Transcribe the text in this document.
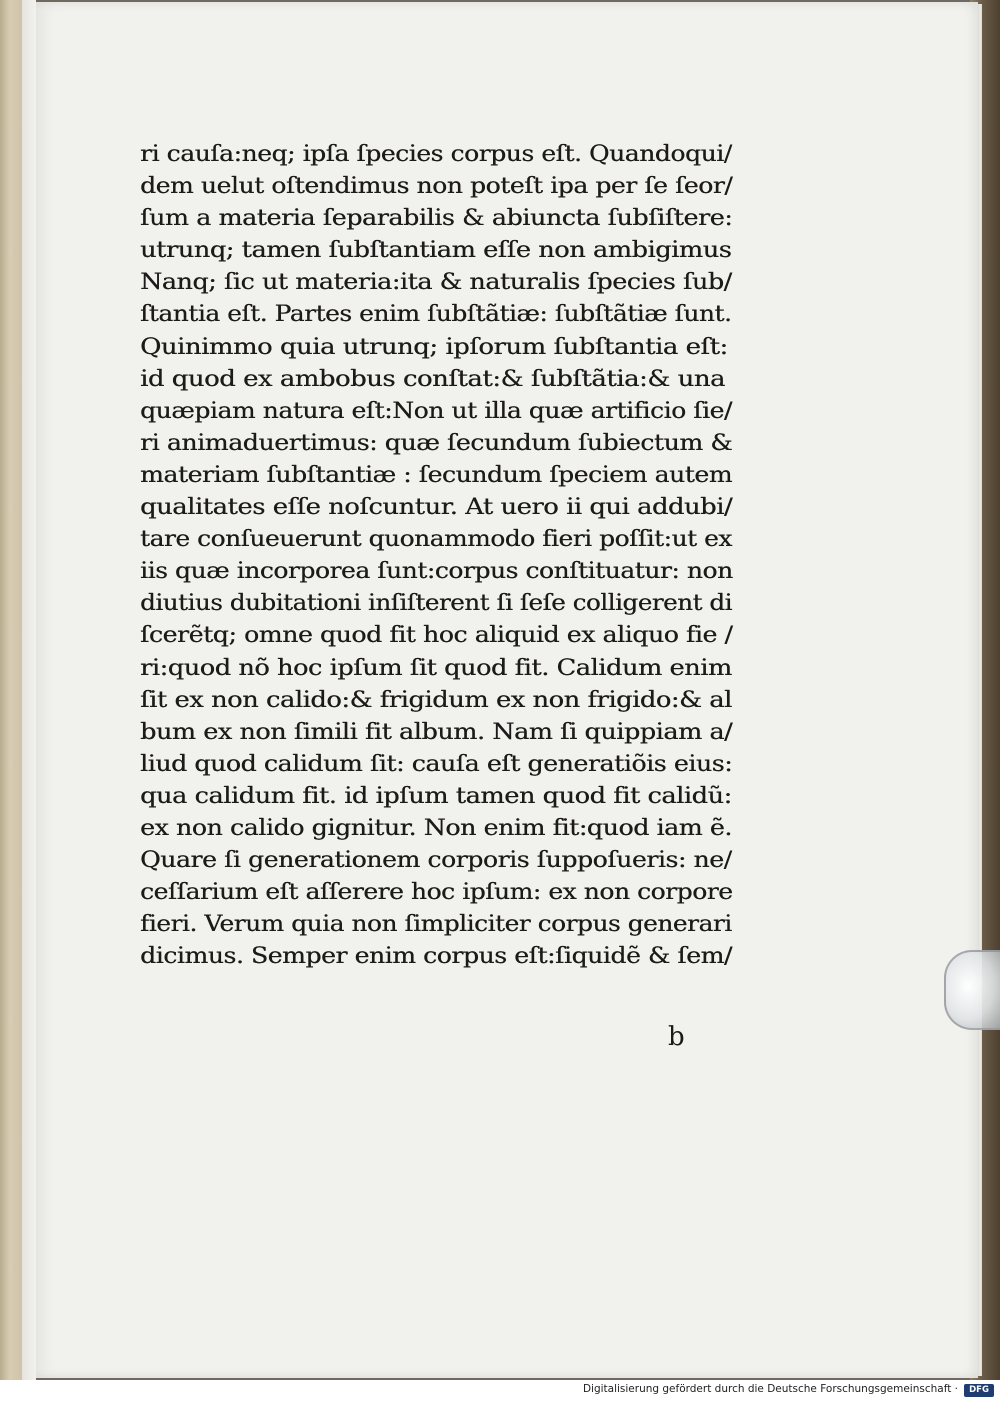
ri cauſa:neq; ipſa ſpecies corpus eſt. Quandoqui/
dem uelut oſtendimus non poteſt ipa per ſe ſeor/
ſum a materia ſeparabilis & abiuncta ſubſiſtere:
utrunq; tamen ſubſtantiam eſſe non ambigimus
Nanq; ſic ut materia:ita & naturalis ſpecies ſub/
ſtantia eſt. Partes enim ſubſtãtiæ: ſubſtãtiæ ſunt.
Quinimmo quia utrunq; ipſorum ſubſtantia eſt:
id quod ex ambobus conſtat:& ſubſtãtia:& una
quæpiam natura eſt:Non ut illa quæ artificio ſie/
ri animaduertimus: quæ ſecundum ſubiectum &
materiam ſubſtantiæ : ſecundum ſpeciem autem
qualitates eſſe noſcuntur. At uero ii qui addubi/
tare conſueuerunt quonammodo fieri poſſit:ut ex
iis quæ incorporea ſunt:corpus conſtituatur: non
diutius dubitationi inſiſterent ſi ſeſe colligerent di
ſcerẽtq; omne quod fit hoc aliquid ex aliquo fie /
ri:quod nõ hoc ipſum ſit quod fit. Calidum enim
ſit ex non calido:& frigidum ex non frigido:& al
bum ex non ſimili fit album. Nam ſi quippiam a/
liud quod calidum ſit: cauſa eſt generatiõis eius:
qua calidum fit. id ipſum tamen quod fit calidũ:
ex non calido gignitur. Non enim fit:quod iam ẽ.
Quare ſi generationem corporis ſuppoſueris: ne/
ceſſarium eſt aſſerere hoc ipſum: ex non corpore
fieri. Verum quia non ſimpliciter corpus generari
dicimus. Semper enim corpus eſt:ſiquidẽ & ſem/
b
Digitalisierung gefördert durch die Deutsche Forschungsgemeinschaft ·	DFG
